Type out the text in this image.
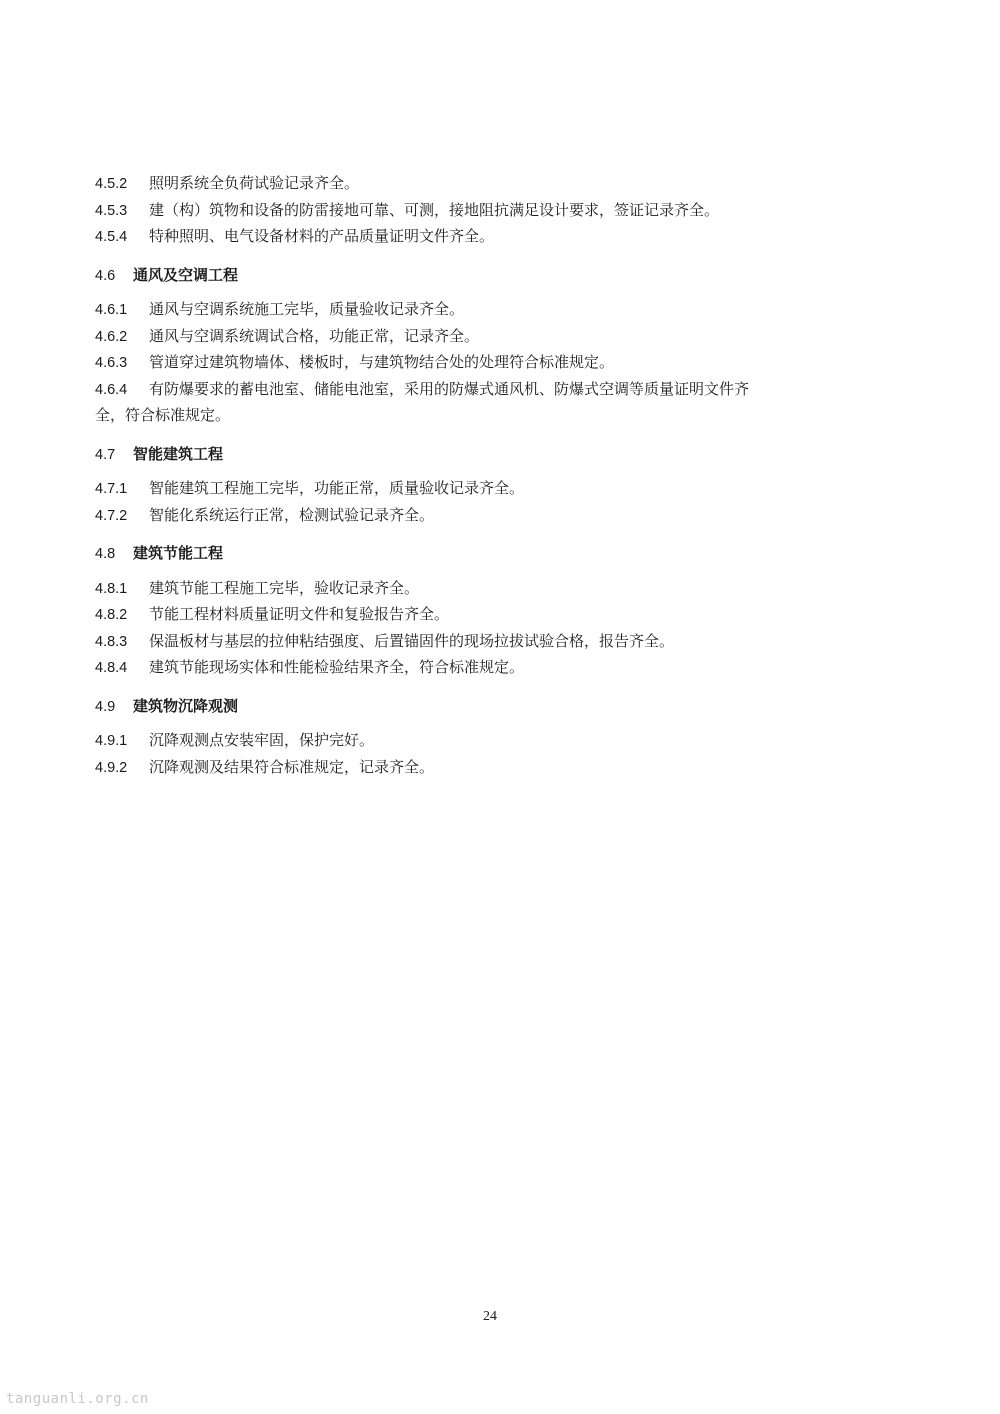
4.5.2 照明系统全负荷试验记录齐全。
4.5.3 建（构）筑物和设备的防雷接地可靠、可测，接地阻抗满足设计要求，签证记录齐全。
4.5.4 特种照明、电气设备材料的产品质量证明文件齐全。
4.6 通风及空调工程
4.6.1 通风与空调系统施工完毕，质量验收记录齐全。
4.6.2 通风与空调系统调试合格，功能正常，记录齐全。
4.6.3 管道穿过建筑物墙体、楼板时，与建筑物结合处的处理符合标准规定。
4.6.4 有防爆要求的蓄电池室、储能电池室，采用的防爆式通风机、防爆式空调等质量证明文件齐
全，符合标准规定。
4.7 智能建筑工程
4.7.1 智能建筑工程施工完毕，功能正常，质量验收记录齐全。
4.7.2 智能化系统运行正常，检测试验记录齐全。
4.8 建筑节能工程
4.8.1 建筑节能工程施工完毕，验收记录齐全。
4.8.2 节能工程材料质量证明文件和复验报告齐全。
4.8.3 保温板材与基层的拉伸粘结强度、后置锚固件的现场拉拔试验合格，报告齐全。
4.8.4 建筑节能现场实体和性能检验结果齐全，符合标准规定。
4.9 建筑物沉降观测
4.9.1 沉降观测点安装牢固，保护完好。
4.9.2 沉降观测及结果符合标准规定，记录齐全。
24
tanguanli.org.cn
